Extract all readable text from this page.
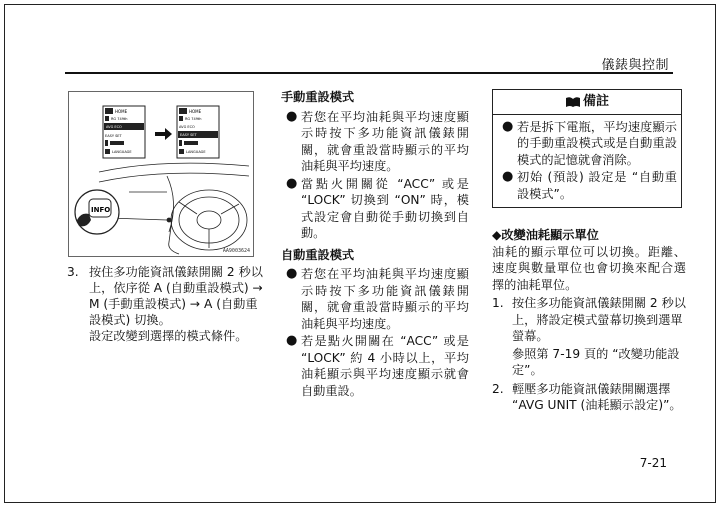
儀錶與控制
HOME
RG 749th
AVG ECO
EASY SET
LANGUAGE
HOME
RG 749th
AVG ECO
EASY SET
LANGUAGE
INFO
AA9003624
3. 按住多功能資訊儀錶開關 2 秒以上，依序從 A (自動重設模式) → M (手動重設模式) → A (自動重設模式) 切換。
設定改變到選擇的模式條件。
手動重設模式
● 若您在平均油耗與平均速度顯示時按下多功能資訊儀錶開關，就會重設當時顯示的平均油耗與平均速度。
● 當點火開關從 “ACC” 或是 “LOCK” 切換到 “ON” 時，模式設定會自動從手動切換到自動。
自動重設模式
● 若您在平均油耗與平均速度顯示時按下多功能資訊儀錶開關，就會重設當時顯示的平均油耗與平均速度。
● 若是點火開關在 “ACC” 或是 “LOCK” 約 4 小時以上，平均油耗顯示與平均速度顯示就會自動重設。
備註
● 若是拆下電瓶，平均速度顯示的手動重設模式或是自動重設模式的記憶就會消除。
● 初始 (預設) 設定是 “自動重設模式”。
◆改變油耗顯示單位
油耗的顯示單位可以切換。距離、速度與數量單位也會切換來配合選擇的油耗單位。
1. 按住多功能資訊儀錶開關 2 秒以上，將設定模式螢幕切換到選單螢幕。
參照第 7-19 頁的 “改變功能設定”。
2. 輕壓多功能資訊儀錶開關選擇 “AVG UNIT (油耗顯示設定)”。
7-21
